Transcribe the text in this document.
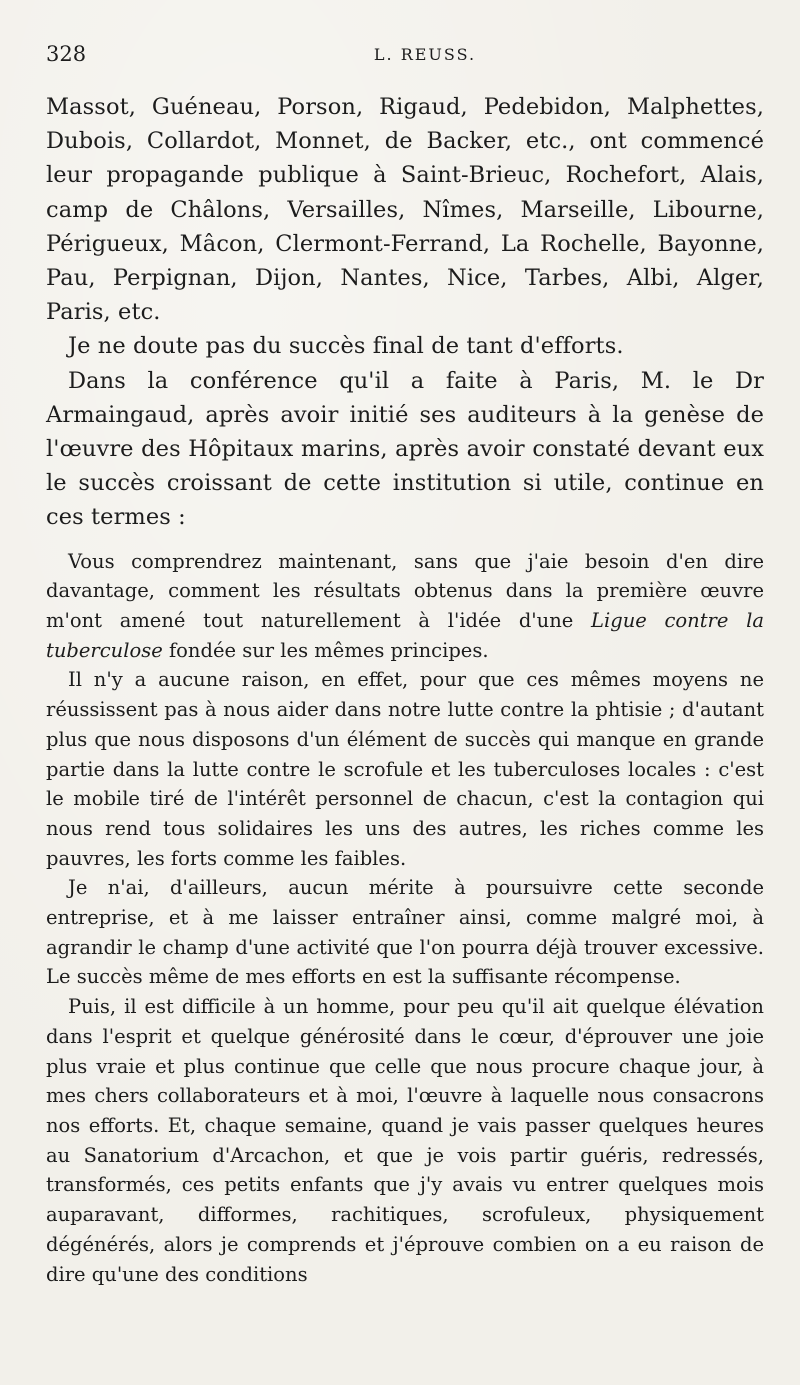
328	L. REUSS.

Massot, Guéneau, Porson, Rigaud, Pedebidon, Malphettes, Dubois, Collardot, Monnet, de Backer, etc., ont commencé leur propagande publique à Saint-Brieuc, Rochefort, Alais, camp de Châlons, Versailles, Nîmes, Marseille, Libourne, Périgueux, Mâcon, Clermont-Ferrand, La Rochelle, Bayonne, Pau, Perpignan, Dijon, Nantes, Nice, Tarbes, Albi, Alger, Paris, etc.

Je ne doute pas du succès final de tant d'efforts.

Dans la conférence qu'il a faite à Paris, M. le Dr Armaingaud, après avoir initié ses auditeurs à la genèse de l'œuvre des Hôpitaux marins, après avoir constaté devant eux le succès croissant de cette institution si utile, continue en ces termes :

Vous comprendrez maintenant, sans que j'aie besoin d'en dire davantage, comment les résultats obtenus dans la première œuvre m'ont amené tout naturellement à l'idée d'une Ligue contre la tuberculose fondée sur les mêmes principes.

Il n'y a aucune raison, en effet, pour que ces mêmes moyens ne réussissent pas à nous aider dans notre lutte contre la phtisie ; d'autant plus que nous disposons d'un élément de succès qui manque en grande partie dans la lutte contre le scrofule et les tuberculoses locales : c'est le mobile tiré de l'intérêt personnel de chacun, c'est la contagion qui nous rend tous solidaires les uns des autres, les riches comme les pauvres, les forts comme les faibles.

Je n'ai, d'ailleurs, aucun mérite à poursuivre cette seconde entreprise, et à me laisser entraîner ainsi, comme malgré moi, à agrandir le champ d'une activité que l'on pourra déjà trouver excessive. Le succès même de mes efforts en est la suffisante récompense.

Puis, il est difficile à un homme, pour peu qu'il ait quelque élévation dans l'esprit et quelque générosité dans le cœur, d'éprouver une joie plus vraie et plus continue que celle que nous procure chaque jour, à mes chers collaborateurs et à moi, l'œuvre à laquelle nous consacrons nos efforts. Et, chaque semaine, quand je vais passer quelques heures au Sanatorium d'Arcachon, et que je vois partir guéris, redressés, transformés, ces petits enfants que j'y avais vu entrer quelques mois auparavant, difformes, rachitiques, scrofuleux, physiquement dégénérés, alors je comprends et j'éprouve combien on a eu raison de dire qu'une des conditions
